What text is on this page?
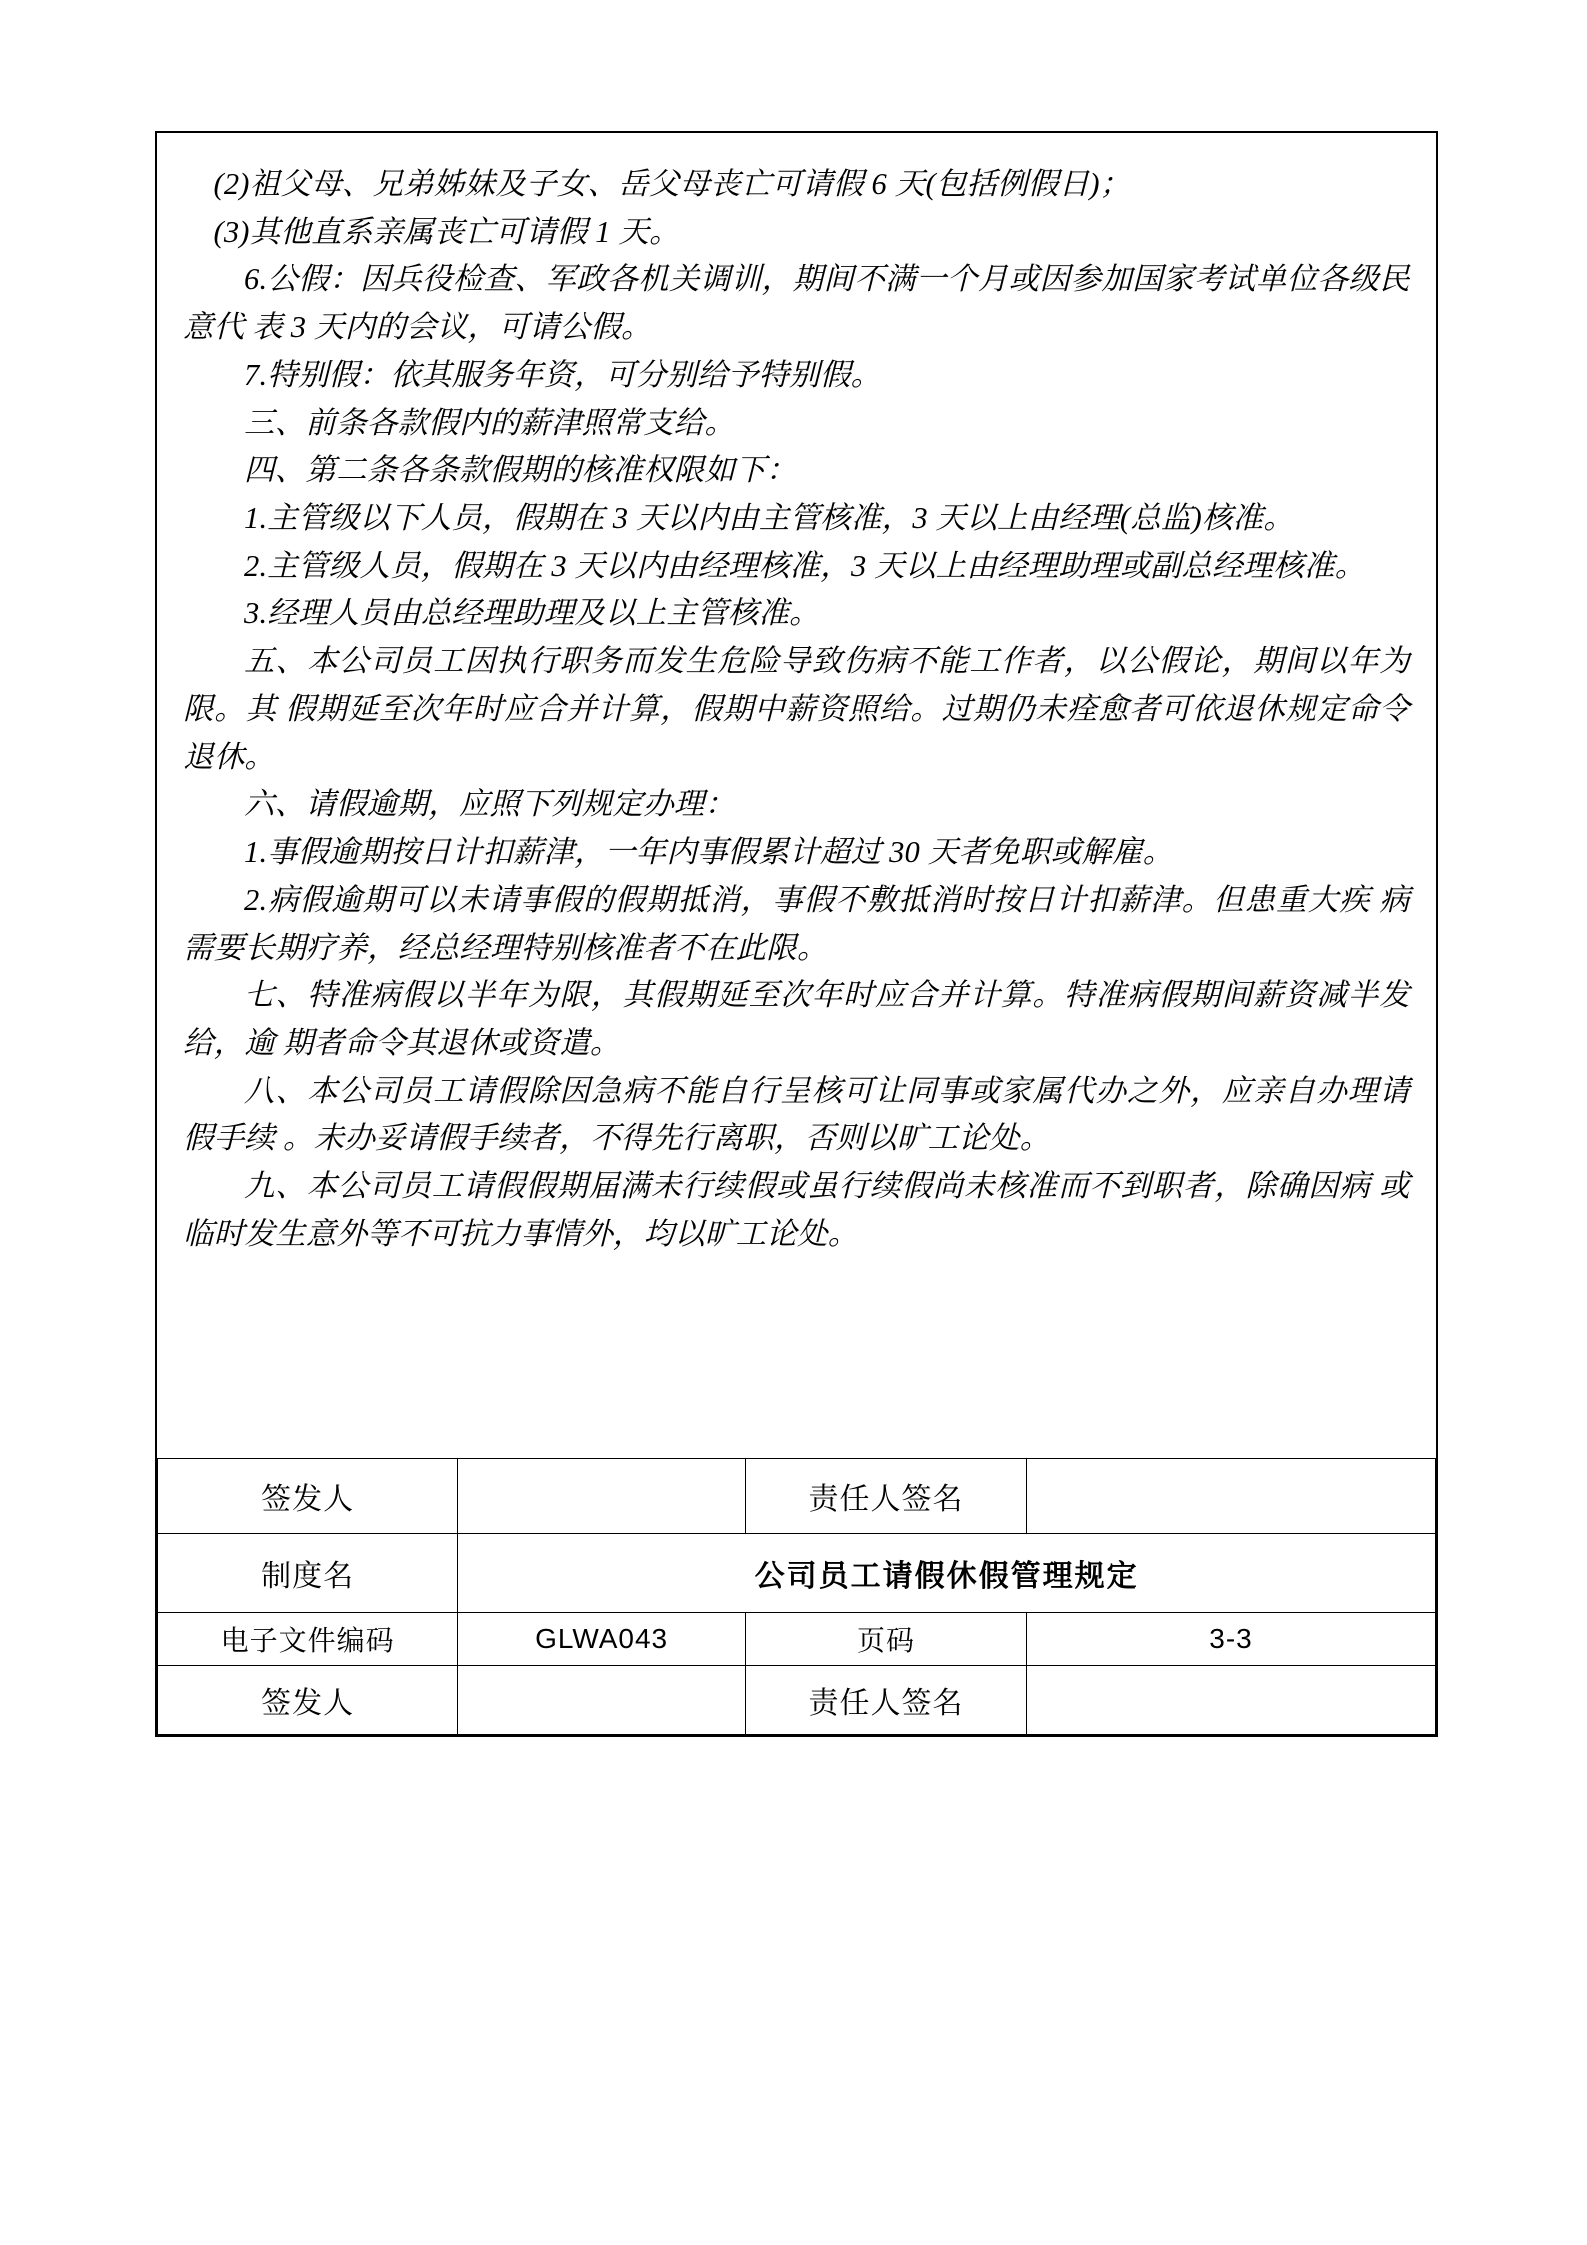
(2)祖父母、兄弟姊妹及子女、岳父母丧亡可请假 6 天(包括例假日)；

(3)其他直系亲属丧亡可请假 1 天。

6.公假：因兵役检查、军政各机关调训，期间不满一个月或因参加国家考试单位各级民意代 表 3 天内的会议，可请公假。

7.特别假：依其服务年资，可分别给予特别假。

三、前条各款假内的薪津照常支给。

四、第二条各条款假期的核准权限如下：

1.主管级以下人员，假期在 3 天以内由主管核准，3 天以上由经理(总监)核准。

2.主管级人员，假期在 3 天以内由经理核准，3 天以上由经理助理或副总经理核准。

3.经理人员由总经理助理及以上主管核准。

五、本公司员工因执行职务而发生危险导致伤病不能工作者，以公假论，期间以年为限。其 假期延至次年时应合并计算，假期中薪资照给。过期仍未痊愈者可依退休规定命令退休。

六、请假逾期，应照下列规定办理：

1.事假逾期按日计扣薪津，一年内事假累计超过 30 天者免职或解雇。

2.病假逾期可以未请事假的假期抵消，事假不敷抵消时按日计扣薪津。但患重大疾 病需要长期疗养，经总经理特别核准者不在此限。

七、特准病假以半年为限，其假期延至次年时应合并计算。特准病假期间薪资减半发给，逾 期者命令其退休或资遣。

八、本公司员工请假除因急病不能自行呈核可让同事或家属代办之外，应亲自办理请假手续 。未办妥请假手续者，不得先行离职，否则以旷工论处。

九、本公司员工请假假期届满未行续假或虽行续假尚未核准而不到职者，除确因病 或临时发生意外等不可抗力事情外，均以旷工论处。

签发人		责任人签名	
制度名	公司员工请假休假管理规定		
电子文件编码	GLWA043	页码	3-3
签发人		责任人签名	
